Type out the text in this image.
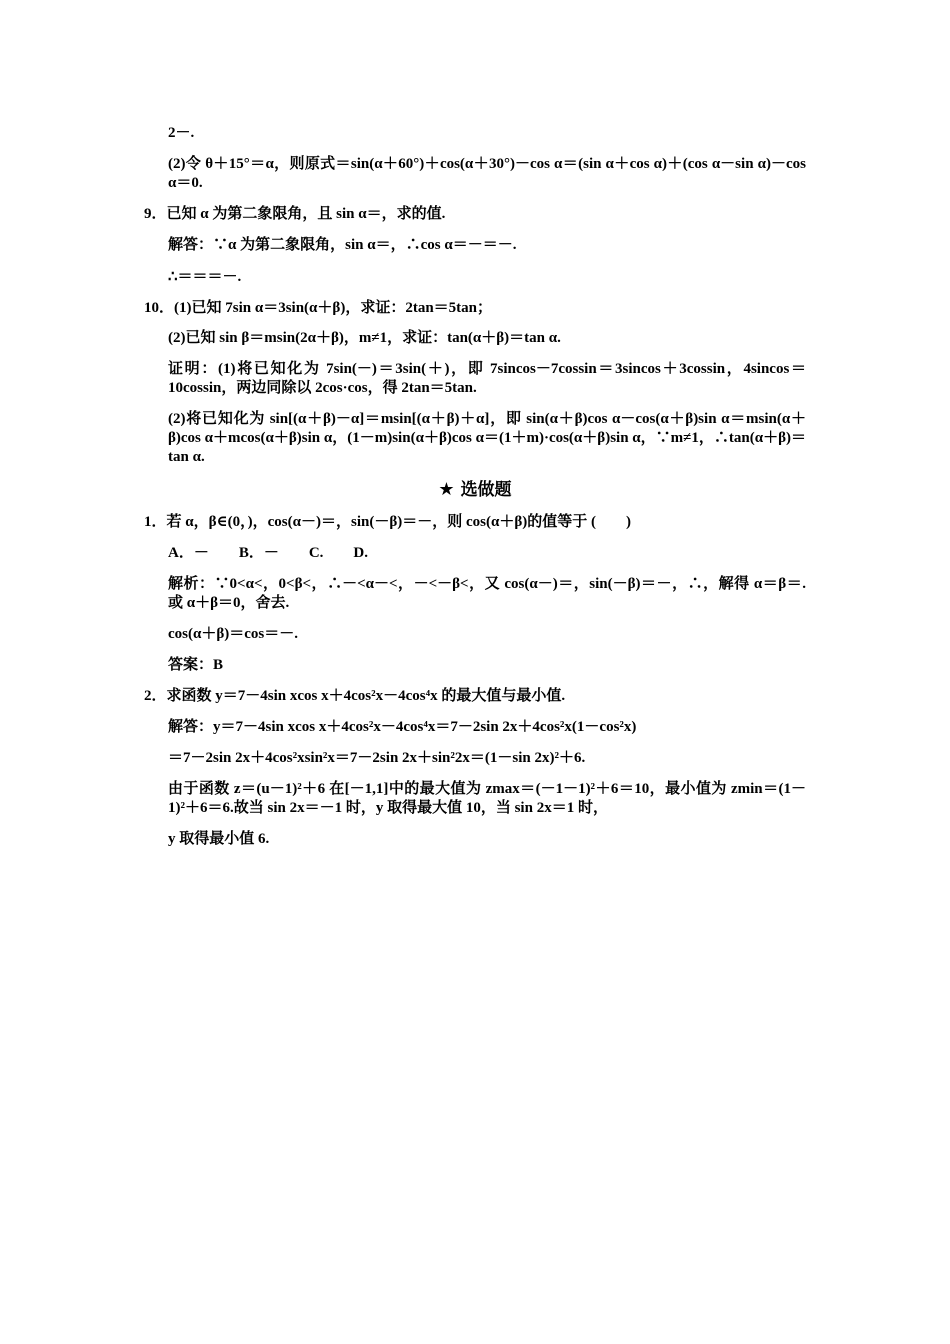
2－.

(2)令 θ＋15°＝α，则原式＝sin(α＋60°)＋cos(α＋30°)－cos α＝(sin α＋cos α)＋(cos α－sin α)－cos α＝0.

9．已知 α 为第二象限角，且 sin α＝，求的值.

解答：∵α 为第二象限角，sin α＝，∴cos α＝－＝－.

∴＝＝＝－.

10．(1)已知 7sin α＝3sin(α＋β)，求证：2tan＝5tan；

(2)已知 sin β＝msin(2α＋β)，m≠1，求证：tan(α＋β)＝tan α.

证明：(1)将已知化为 7sin(－)＝3sin(＋)，即 7sincos－7cossin＝3sincos＋3cossin，4sincos＝10cossin，两边同除以 2cos·cos，得 2tan＝5tan.

(2)将已知化为 sin[(α＋β)－α]＝msin[(α＋β)＋α]，即 sin(α＋β)cos α－cos(α＋β)sin α＝msin(α＋β)cos α＋mcos(α＋β)sin α，(1－m)sin(α＋β)cos α＝(1＋m)·cos(α＋β)sin α，∵m≠1，∴tan(α＋β)＝tan α.

★ 选做题

1．若 α，β∈(0，)，cos(α－)＝，sin(－β)＝－，则 cos(α＋β)的值等于 (　　)

A．－　　B．－　　C.　　D.

解析：∵0<α<，0<β<，∴－<α－<，－<－β<，又 cos(α－)＝，sin(－β)＝－，∴，解得 α＝β＝.或 α＋β＝0，舍去.

cos(α＋β)＝cos＝－.

答案：B

2．求函数 y＝7－4sin xcos x＋4cos²x－4cos⁴x 的最大值与最小值.

解答：y＝7－4sin xcos x＋4cos²x－4cos⁴x＝7－2sin 2x＋4cos²x(1－cos²x)

＝7－2sin 2x＋4cos²xsin²x＝7－2sin 2x＋sin²2x＝(1－sin 2x)²＋6.

由于函数 z＝(u－1)²＋6 在[－1,1]中的最大值为 zmax＝(－1－1)²＋6＝10，最小值为 zmin＝(1－1)²＋6＝6.故当 sin 2x＝－1 时，y 取得最大值 10，当 sin 2x＝1 时，

y 取得最小值 6.
